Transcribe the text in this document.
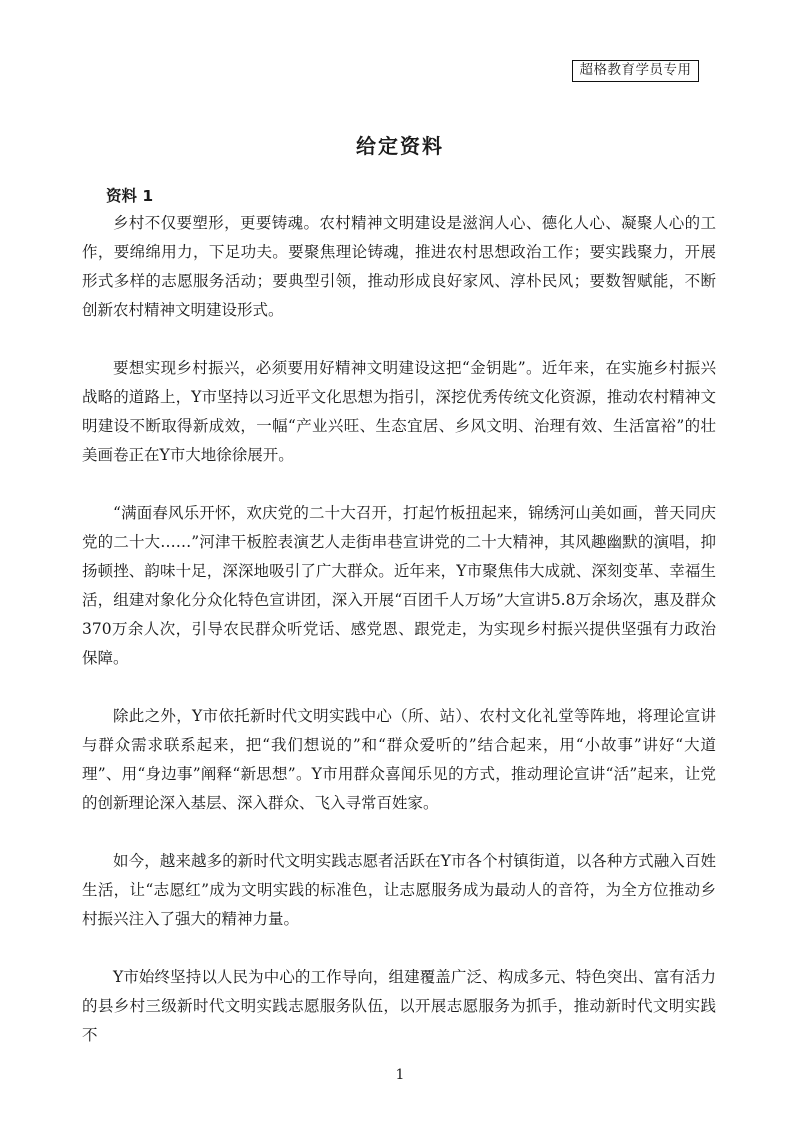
超格教育学员专用
给定资料
资料 1

乡村不仅要塑形，更要铸魂。农村精神文明建设是滋润人心、德化人心、凝聚人心的工作，要绵绵用力，下足功夫。要聚焦理论铸魂，推进农村思想政治工作；要实践聚力，开展形式多样的志愿服务活动；要典型引领，推动形成良好家风、淳朴民风；要数智赋能，不断创新农村精神文明建设形式。

要想实现乡村振兴，必须要用好精神文明建设这把“金钥匙”。近年来，在实施乡村振兴战略的道路上，Y市坚持以习近平文化思想为指引，深挖优秀传统文化资源，推动农村精神文明建设不断取得新成效，一幅“产业兴旺、生态宜居、乡风文明、治理有效、生活富裕”的壮美画卷正在Y市大地徐徐展开。

“满面春风乐开怀，欢庆党的二十大召开，打起竹板扭起来，锦绣河山美如画，普天同庆党的二十大……”河津干板腔表演艺人走街串巷宣讲党的二十大精神，其风趣幽默的演唱，抑扬顿挫、韵味十足，深深地吸引了广大群众。近年来，Y市聚焦伟大成就、深刻变革、幸福生活，组建对象化分众化特色宣讲团，深入开展“百团千人万场”大宣讲5.8万余场次，惠及群众370万余人次，引导农民群众听党话、感党恩、跟党走，为实现乡村振兴提供坚强有力政治保障。

除此之外，Y市依托新时代文明实践中心（所、站）、农村文化礼堂等阵地，将理论宣讲与群众需求联系起来，把“我们想说的”和“群众爱听的”结合起来，用“小故事”讲好“大道理”、用“身边事”阐释“新思想”。Y市用群众喜闻乐见的方式，推动理论宣讲“活”起来，让党的创新理论深入基层、深入群众、飞入寻常百姓家。

如今，越来越多的新时代文明实践志愿者活跃在Y市各个村镇街道，以各种方式融入百姓生活，让“志愿红”成为文明实践的标准色，让志愿服务成为最动人的音符，为全方位推动乡村振兴注入了强大的精神力量。

Y市始终坚持以人民为中心的工作导向，组建覆盖广泛、构成多元、特色突出、富有活力的县乡村三级新时代文明实践志愿服务队伍，以开展志愿服务为抓手，推动新时代文明实践不

1
